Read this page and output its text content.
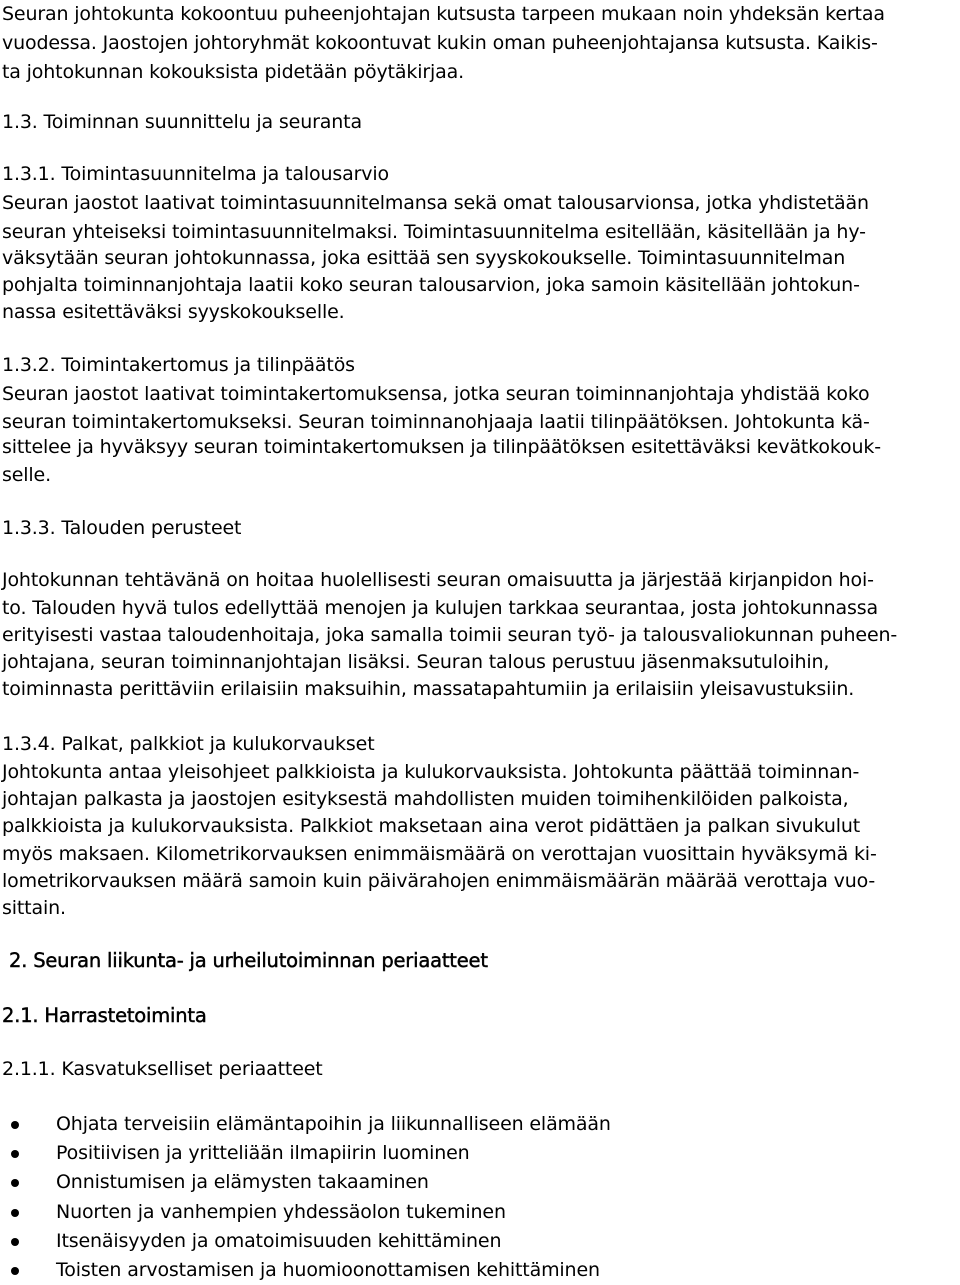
Seuran johtokunta kokoontuu puheenjohtajan kutsusta tarpeen mukaan noin yhdeksän kertaa
vuodessa. Jaostojen johtoryhmät kokoontuvat kukin oman puheenjohtajansa kutsusta. Kaikis-
ta johtokunnan kokouksista pidetään pöytäkirjaa.
1.3. Toiminnan suunnittelu ja seuranta
1.3.1. Toimintasuunnitelma ja talousarvio
Seuran jaostot laativat toimintasuunnitelmansa sekä omat talousarvionsa, jotka yhdistetään
seuran yhteiseksi toimintasuunnitelmaksi. Toimintasuunnitelma esitellään, käsitellään ja hy-
väksytään seuran johtokunnassa, joka esittää sen syyskokoukselle. Toimintasuunnitelman
pohjalta toiminnanjohtaja laatii koko seuran talousarvion, joka samoin käsitellään johtokun-
nassa esitettäväksi syyskokoukselle.
1.3.2. Toimintakertomus ja tilinpäätös
Seuran jaostot laativat toimintakertomuksensa, jotka seuran toiminnanjohtaja yhdistää koko
seuran toimintakertomukseksi. Seuran toiminnanohjaaja laatii tilinpäätöksen. Johtokunta kä-
sittelee ja hyväksyy seuran toimintakertomuksen ja tilinpäätöksen esitettäväksi kevätkokouk-
selle.
1.3.3. Talouden perusteet
Johtokunnan tehtävänä on hoitaa huolellisesti seuran omaisuutta ja järjestää kirjanpidon hoi-
to. Talouden hyvä tulos edellyttää menojen ja kulujen tarkkaa seurantaa, josta johtokunnassa
erityisesti vastaa taloudenhoitaja, joka samalla toimii seuran työ- ja talousvaliokunnan puheen-
johtajana, seuran toiminnanjohtajan lisäksi. Seuran talous perustuu jäsenmaksutuloihin,
toiminnasta perittäviin erilaisiin maksuihin, massatapahtumiin ja erilaisiin yleisavustuksiin.
1.3.4. Palkat, palkkiot ja kulukorvaukset
Johtokunta antaa yleisohjeet palkkioista ja kulukorvauksista. Johtokunta päättää toiminnan-
johtajan palkasta ja jaostojen esityksestä mahdollisten muiden toimihenkilöiden palkoista,
palkkioista ja kulukorvauksista. Palkkiot maksetaan aina verot pidättäen ja palkan sivukulut
myös maksaen. Kilometrikorvauksen enimmäismäärä on verottajan vuosittain hyväksymä ki-
lometrikorvauksen määrä samoin kuin päivärahojen enimmäismäärän määrää verottaja vuo-
sittain.
2. Seuran liikunta- ja urheilutoiminnan periaatteet
2.1. Harrastetoiminta
2.1.1. Kasvatukselliset periaatteet
Ohjata terveisiin elämäntapoihin ja liikunnalliseen elämään
Positiivisen ja yritteliään ilmapiirin luominen
Onnistumisen ja elämysten takaaminen
Nuorten ja vanhempien yhdessäolon tukeminen
Itsenäisyyden ja omatoimisuuden kehittäminen
Toisten arvostamisen ja huomioonottamisen kehittäminen
